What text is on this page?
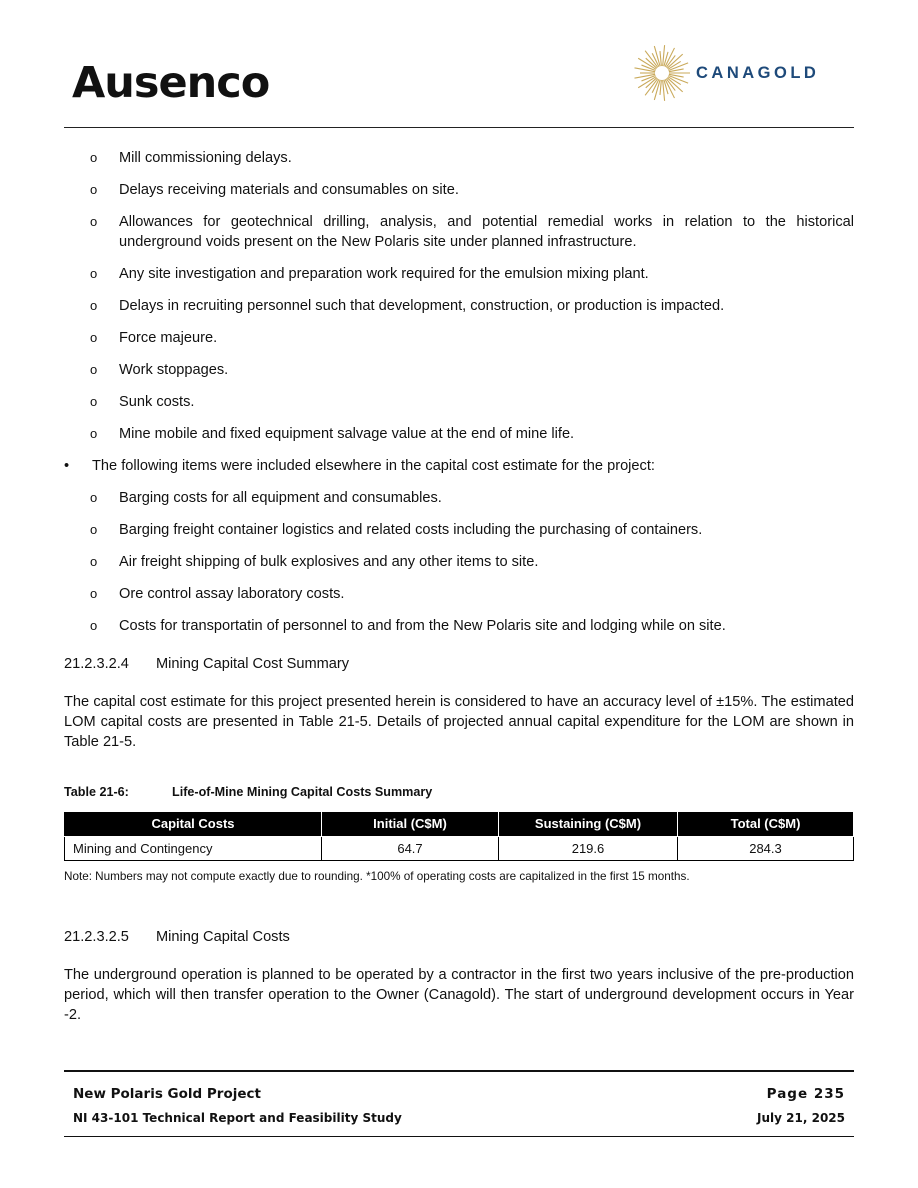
Ausenco	CANAGOLD
o Mill commissioning delays.
o Delays receiving materials and consumables on site.
o Allowances for geotechnical drilling, analysis, and potential remedial works in relation to the historical underground voids present on the New Polaris site under planned infrastructure.
o Any site investigation and preparation work required for the emulsion mixing plant.
o Delays in recruiting personnel such that development, construction, or production is impacted.
o Force majeure.
o Work stoppages.
o Sunk costs.
o Mine mobile and fixed equipment salvage value at the end of mine life.
• The following items were included elsewhere in the capital cost estimate for the project:
o Barging costs for all equipment and consumables.
o Barging freight container logistics and related costs including the purchasing of containers.
o Air freight shipping of bulk explosives and any other items to site.
o Ore control assay laboratory costs.
o Costs for transportatin of personnel to and from the New Polaris site and lodging while on site.
21.2.3.2.4 Mining Capital Cost Summary

The capital cost estimate for this project presented herein is considered to have an accuracy level of ±15%. The estimated LOM capital costs are presented in Table 21-5. Details of projected annual capital expenditure for the LOM are shown in Table 21-5.

Table 21-6:	Life-of-Mine Mining Capital Costs Summary
Capital Costs	Initial (C$M)	Sustaining (C$M)	Total (C$M)
Mining and Contingency	64.7	219.6	284.3
Note: Numbers may not compute exactly due to rounding. *100% of operating costs are capitalized in the first 15 months.
21.2.3.2.5 Mining Capital Costs

The underground operation is planned to be operated by a contractor in the first two years inclusive of the pre-production period, which will then transfer operation to the Owner (Canagold). The start of underground development occurs in Year -2.

New Polaris Gold Project
NI 43-101 Technical Report and Feasibility Study
Page 235
July 21, 2025
